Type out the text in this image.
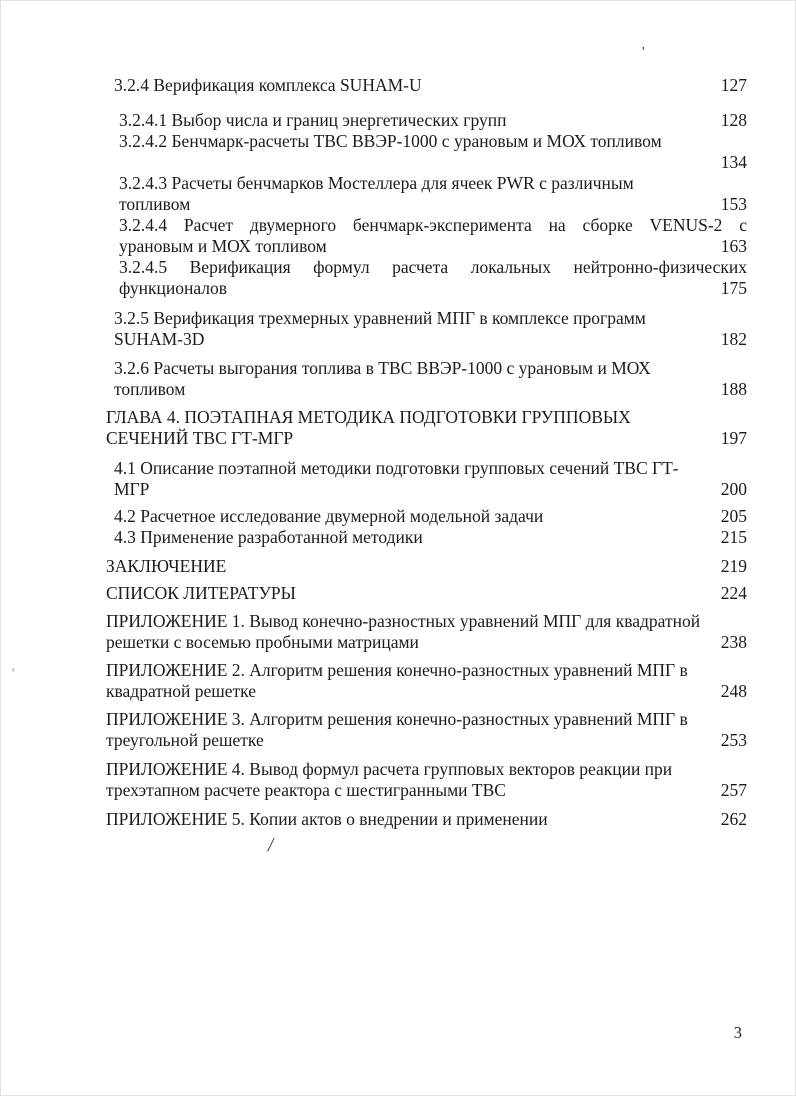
'
'
3.2.4 Верификация комплекса SUHAM-U	127
3.2.4.1 Выбор числа и границ энергетических групп	128
3.2.4.2 Бенчмарк-расчеты ТВС ВВЭР-1000 с урановым и МОХ топливом
134
3.2.4.3 Расчеты бенчмарков Мостеллера для ячеек PWR с различным
топливом	153
3.2.4.4 Расчет двумерного бенчмарк-эксперимента на сборке VENUS-2 с
урановым и МОХ топливом	163
3.2.4.5 Верификация формул расчета локальных нейтронно-физических
функционалов	175
3.2.5 Верификация трехмерных уравнений МПГ в комплексе программ
SUHAM-3D	182
3.2.6 Расчеты выгорания топлива в ТВС ВВЭР-1000 с урановым и МОХ
топливом	188
ГЛАВА 4. ПОЭТАПНАЯ МЕТОДИКА ПОДГОТОВКИ ГРУППОВЫХ
СЕЧЕНИЙ ТВС ГТ-МГР	197
4.1 Описание поэтапной методики подготовки групповых сечений ТВС ГТ-
МГР	200
4.2 Расчетное исследование двумерной модельной задачи	205
4.3 Применение разработанной методики	215
ЗАКЛЮЧЕНИЕ	219
СПИСОК ЛИТЕРАТУРЫ	224
ПРИЛОЖЕНИЕ 1. Вывод конечно-разностных уравнений МПГ для квадратной
решетки с восемью пробными матрицами	238
ПРИЛОЖЕНИЕ 2. Алгоритм решения конечно-разностных уравнений МПГ в
квадратной решетке	248
ПРИЛОЖЕНИЕ 3. Алгоритм решения конечно-разностных уравнений МПГ в
треугольной решетке	253
ПРИЛОЖЕНИЕ 4. Вывод формул расчета групповых векторов реакции при
трехэтапном расчете реактора с шестигранными ТВС	257
ПРИЛОЖЕНИЕ 5. Копии актов о внедрении и применении	262
/
3
